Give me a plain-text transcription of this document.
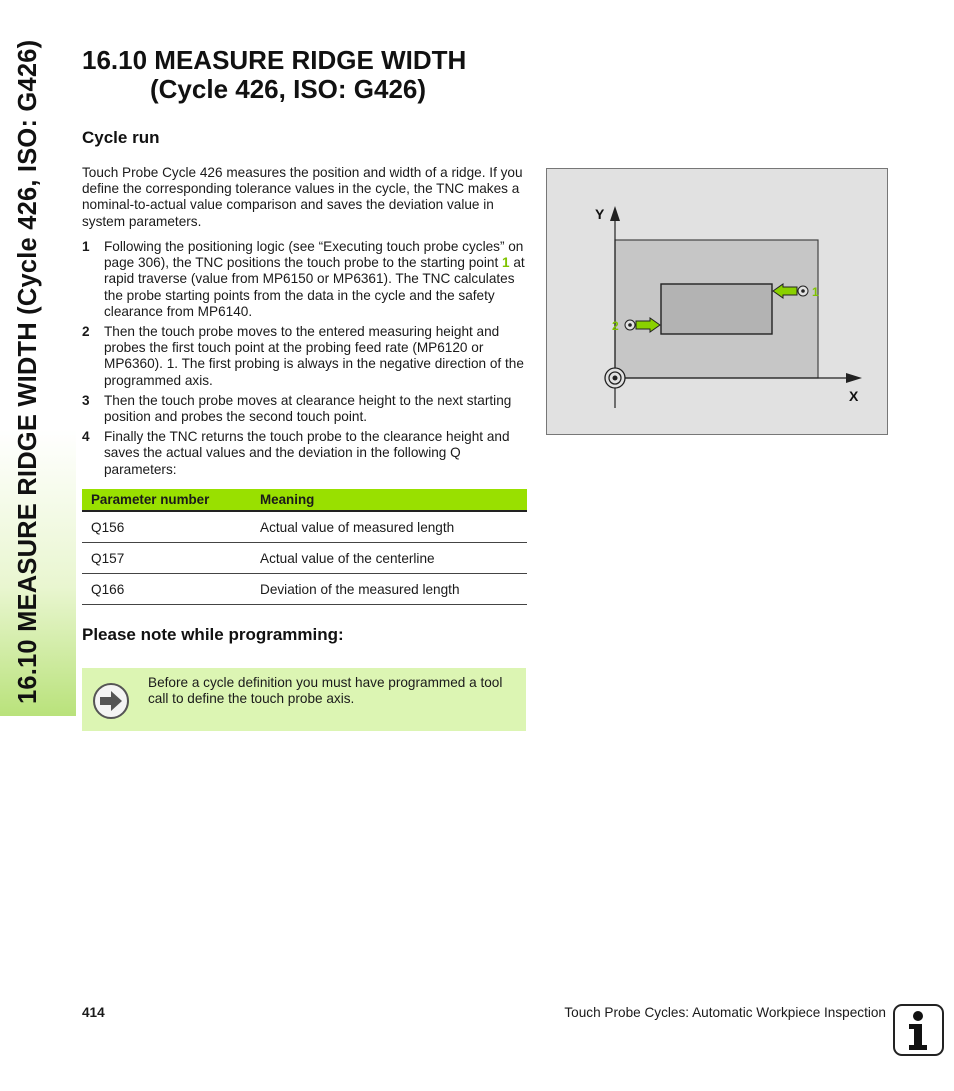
16.10 MEASURE RIDGE WIDTH (Cycle 426, ISO: G426) 16.10 MEASURE RIDGE WIDTH
(Cycle 426, ISO: G426)
Cycle run

Touch Probe Cycle 426 measures the position and width of a ridge. If you define the corresponding tolerance values in the cycle, the TNC makes a nominal-to-actual value comparison and saves the deviation value in system parameters.

1 Following the positioning logic (see “Executing touch probe cycles” on page 306), the TNC positions the touch probe to the starting point 1 at rapid traverse (value from MP6150 or MP6361). The TNC calculates the probe starting points from the data in the cycle and the safety clearance from MP6140.
2 Then the touch probe moves to the entered measuring height and probes the first touch point at the probing feed rate (MP6120 or MP6360). 1. The first probing is always in the negative direction of the programmed axis.
3 Then the touch probe moves at clearance height to the next starting position and probes the second touch point.
4 Finally the TNC returns the touch probe to the clearance height and saves the actual values and the deviation in the following Q parameters:
Parameter number	Meaning
Q156	Actual value of measured length
Q157	Actual value of the centerline
Q166	Deviation of the measured length
Please note while programming:

Before a cycle definition you must have programmed a tool call to define the touch probe axis.

Y
X
1
2
414	Touch Probe Cycles: Automatic Workpiece Inspection
